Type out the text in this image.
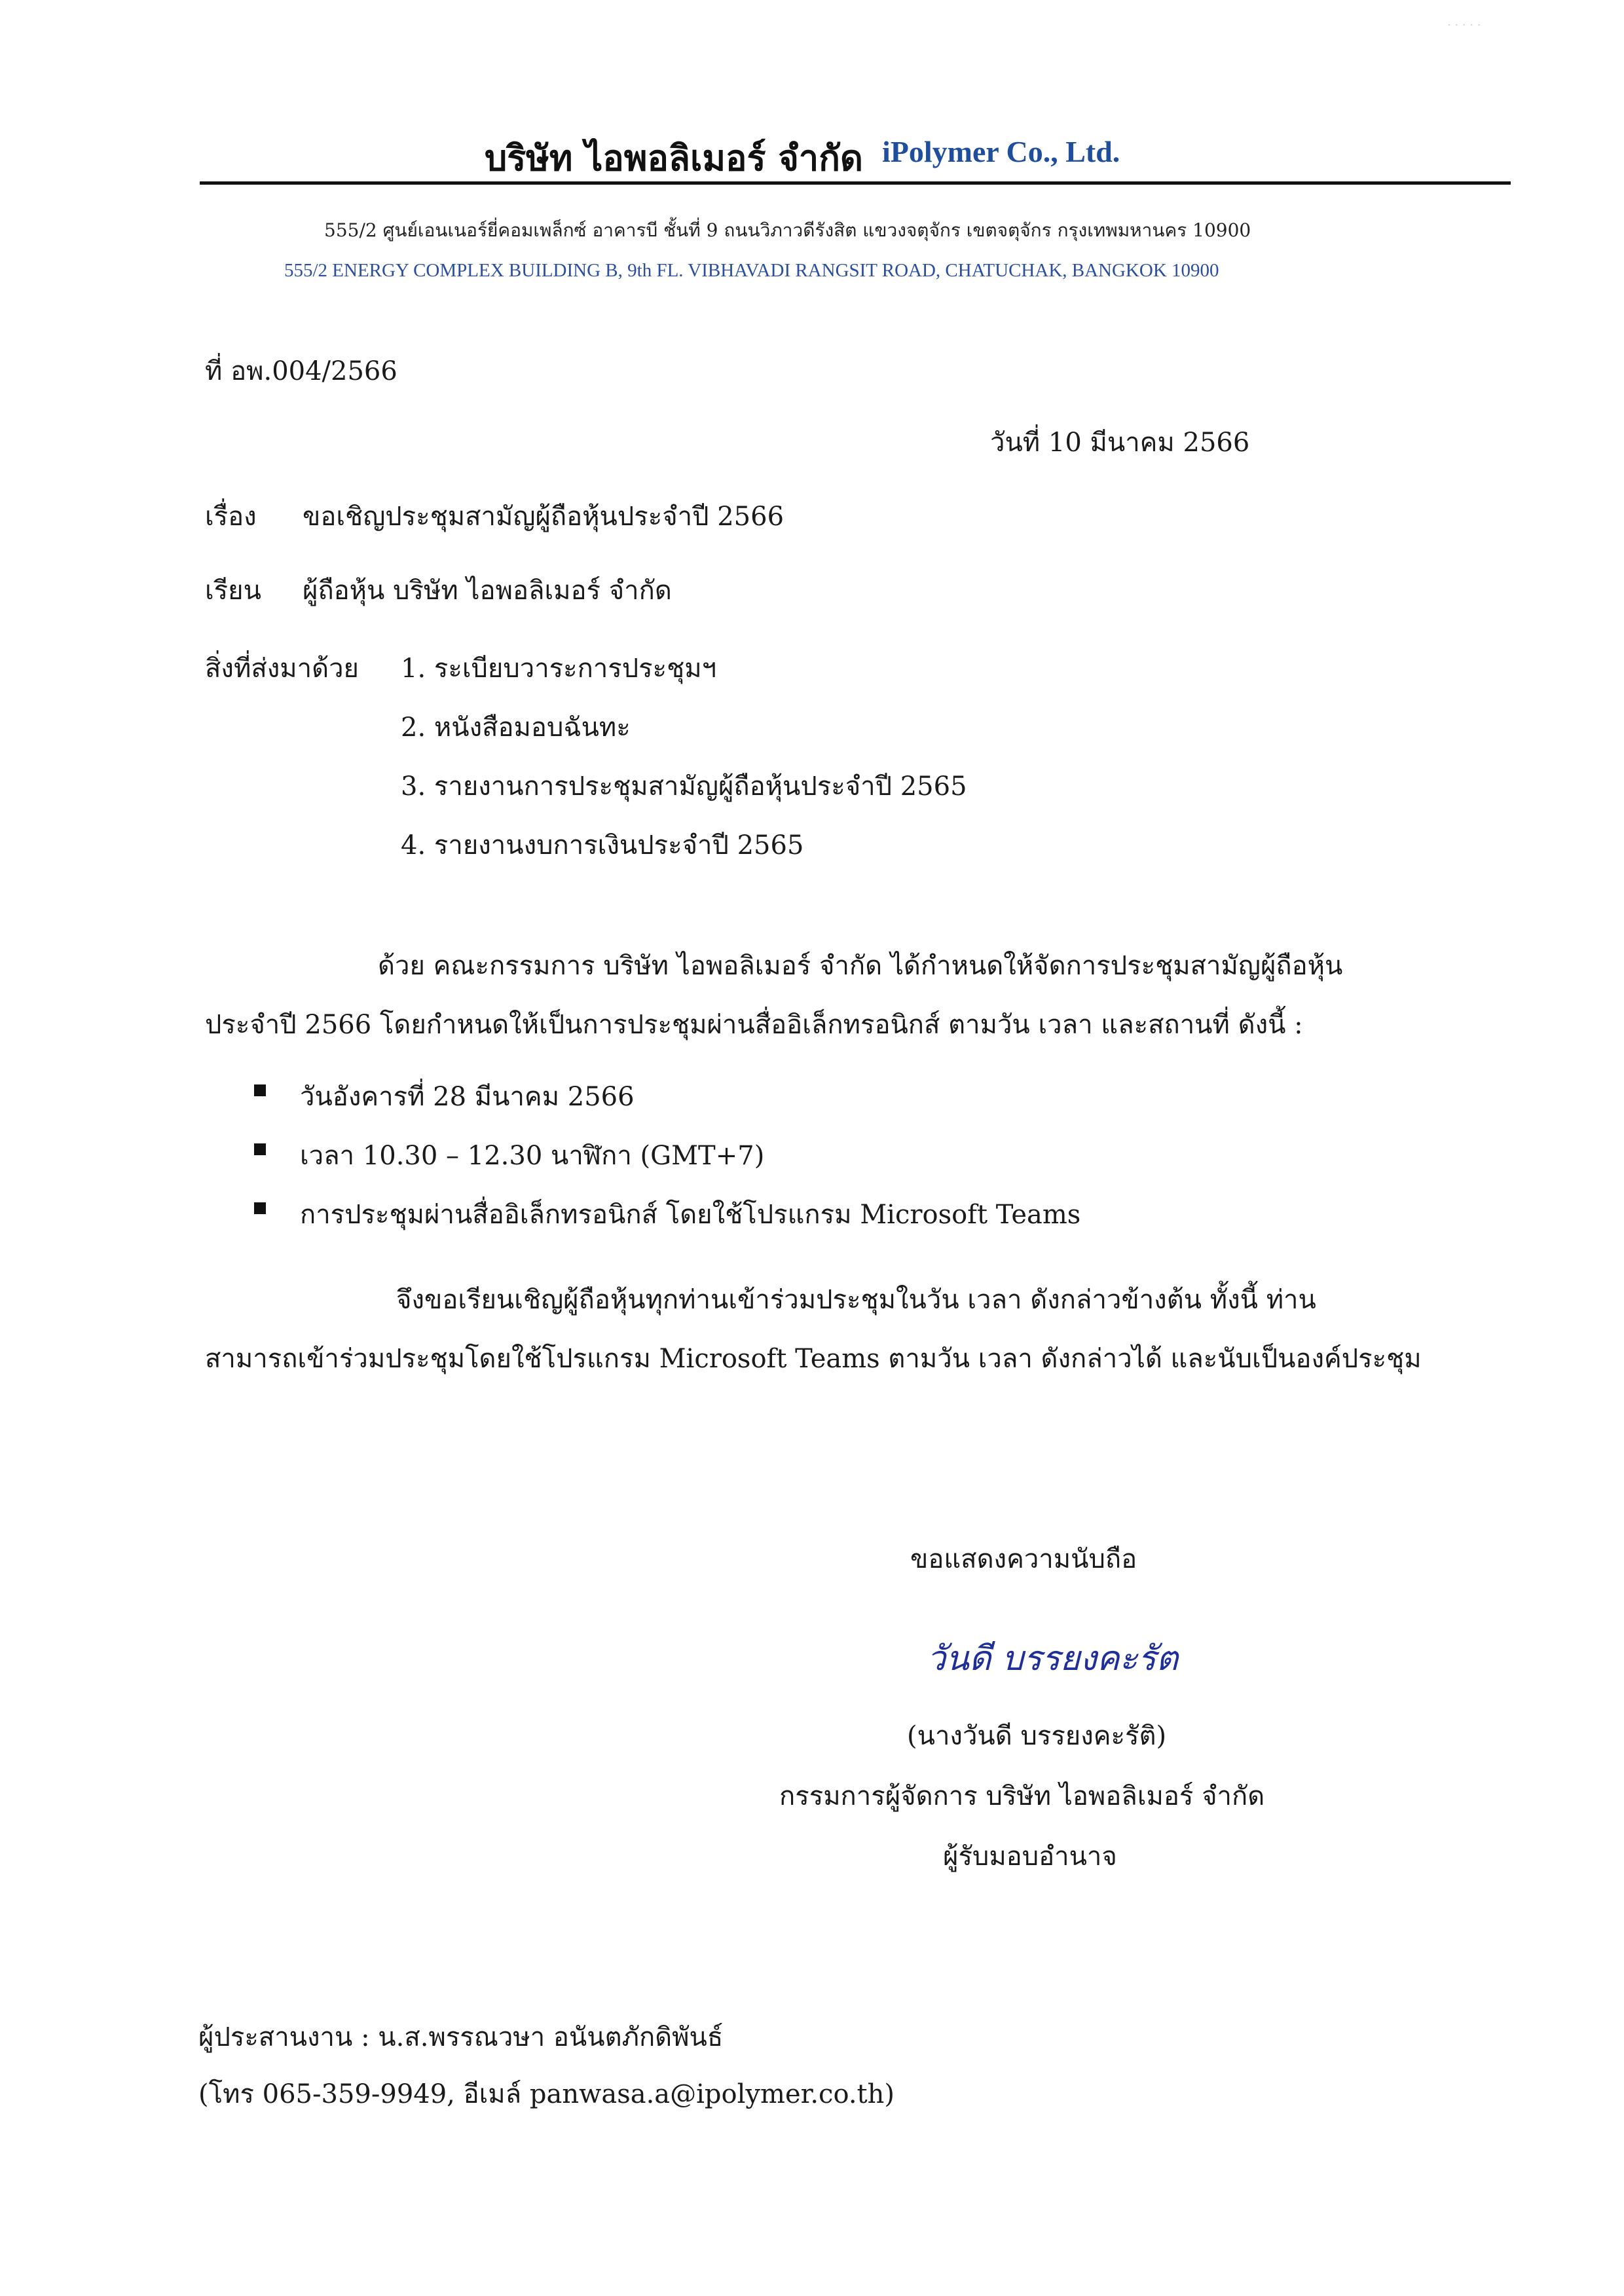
· · · · ·
บริษัท ไอพอลิเมอร์ จำกัด iPolymer Co., Ltd.
555/2 ศูนย์เอนเนอร์ยี่คอมเพล็กซ์ อาคารบี ชั้นที่ 9 ถนนวิภาวดีรังสิต แขวงจตุจักร เขตจตุจักร กรุงเทพมหานคร 10900
555/2 ENERGY COMPLEX BUILDING B, 9th FL. VIBHAVADI RANGSIT ROAD, CHATUCHAK, BANGKOK 10900
ที่ อพ.004/2566
วันที่ 10 มีนาคม 2566
เรื่อง ขอเชิญประชุมสามัญผู้ถือหุ้นประจำปี 2566
เรียน ผู้ถือหุ้น บริษัท ไอพอลิเมอร์ จำกัด
สิ่งที่ส่งมาด้วย 1. ระเบียบวาระการประชุมฯ
2. หนังสือมอบฉันทะ
3. รายงานการประชุมสามัญผู้ถือหุ้นประจำปี 2565
4. รายงานงบการเงินประจำปี 2565
ด้วย คณะกรรมการ บริษัท ไอพอลิเมอร์ จำกัด ได้กำหนดให้จัดการประชุมสามัญผู้ถือหุ้น
ประจำปี 2566 โดยกำหนดให้เป็นการประชุมผ่านสื่ออิเล็กทรอนิกส์ ตามวัน เวลา และสถานที่ ดังนี้ :
วันอังคารที่ 28 มีนาคม 2566
เวลา 10.30 – 12.30 นาฬิกา (GMT+7)
การประชุมผ่านสื่ออิเล็กทรอนิกส์ โดยใช้โปรแกรม Microsoft Teams
จึงขอเรียนเชิญผู้ถือหุ้นทุกท่านเข้าร่วมประชุมในวัน เวลา ดังกล่าวข้างต้น ทั้งนี้ ท่าน
สามารถเข้าร่วมประชุมโดยใช้โปรแกรม Microsoft Teams ตามวัน เวลา ดังกล่าวได้ และนับเป็นองค์ประชุม
ขอแสดงความนับถือ
วันดี บรรยงคะรัต
(นางวันดี บรรยงคะรัติ)
กรรมการผู้จัดการ บริษัท ไอพอลิเมอร์ จำกัด
ผู้รับมอบอำนาจ
ผู้ประสานงาน : น.ส.พรรณวษา อนันตภักดิพันธ์
(โทร 065-359-9949, อีเมล์ panwasa.a@ipolymer.co.th)
